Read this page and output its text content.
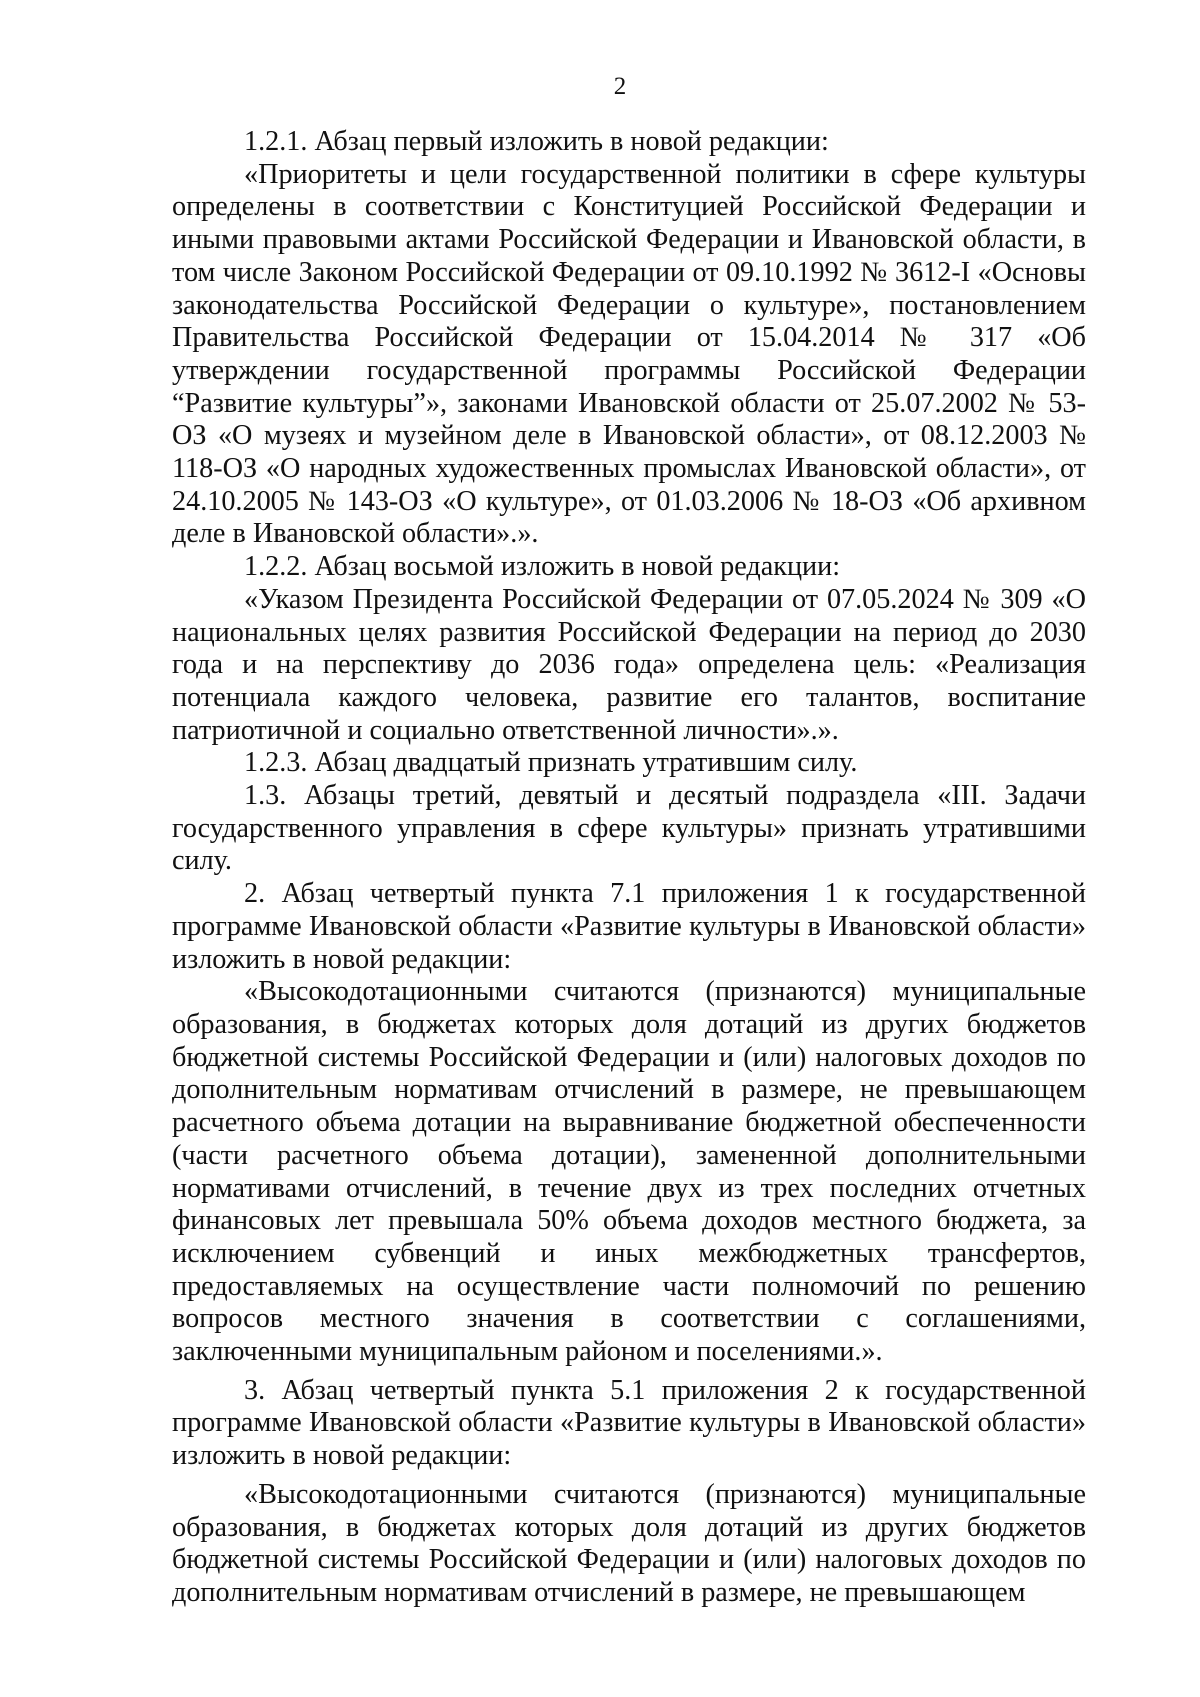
2

1.2.1. Абзац первый изложить в новой редакции:

«Приоритеты и цели государственной политики в сфере культуры определены в соответствии с Конституцией Российской Федерации и иными правовыми актами Российской Федерации и Ивановской области, в том числе Законом Российской Федерации от 09.10.1992 № 3612-I «Основы законодательства Российской Федерации о культуре», постановлением Правительства Российской Федерации от 15.04.2014 № 317 «Об утверждении государственной программы Российской Федерации “Развитие культуры”», законами Ивановской области от 25.07.2002 № 53-ОЗ «О музеях и музейном деле в Ивановской области», от 08.12.2003 № 118-ОЗ «О народных художественных промыслах Ивановской области», от 24.10.2005 № 143-ОЗ «О культуре», от 01.03.2006 № 18-ОЗ «Об архивном деле в Ивановской области».».

1.2.2. Абзац восьмой изложить в новой редакции:

«Указом Президента Российской Федерации от 07.05.2024 № 309 «О национальных целях развития Российской Федерации на период до 2030 года и на перспективу до 2036 года» определена цель: «Реализация потенциала каждого человека, развитие его талантов, воспитание патриотичной и социально ответственной личности».».

1.2.3. Абзац двадцатый признать утратившим силу.

1.3. Абзацы третий, девятый и десятый подраздела «III. Задачи государственного управления в сфере культуры» признать утратившими силу.

2. Абзац четвертый пункта 7.1 приложения 1 к государственной программе Ивановской области «Развитие культуры в Ивановской области» изложить в новой редакции:

«Высокодотационными считаются (признаются) муниципальные образования, в бюджетах которых доля дотаций из других бюджетов бюджетной системы Российской Федерации и (или) налоговых доходов по дополнительным нормативам отчислений в размере, не превышающем расчетного объема дотации на выравнивание бюджетной обеспеченности (части расчетного объема дотации), замененной дополнительными нормативами отчислений, в течение двух из трех последних отчетных финансовых лет превышала 50% объема доходов местного бюджета, за исключением субвенций и иных межбюджетных трансфертов, предоставляемых на осуществление части полномочий по решению вопросов местного значения в соответствии с соглашениями, заключенными муниципальным районом и поселениями.».

3. Абзац четвертый пункта 5.1 приложения 2 к государственной программе Ивановской области «Развитие культуры в Ивановской области» изложить в новой редакции:

«Высокодотационными считаются (признаются) муниципальные образования, в бюджетах которых доля дотаций из других бюджетов бюджетной системы Российской Федерации и (или) налоговых доходов по дополнительным нормативам отчислений в размере, не превышающем
